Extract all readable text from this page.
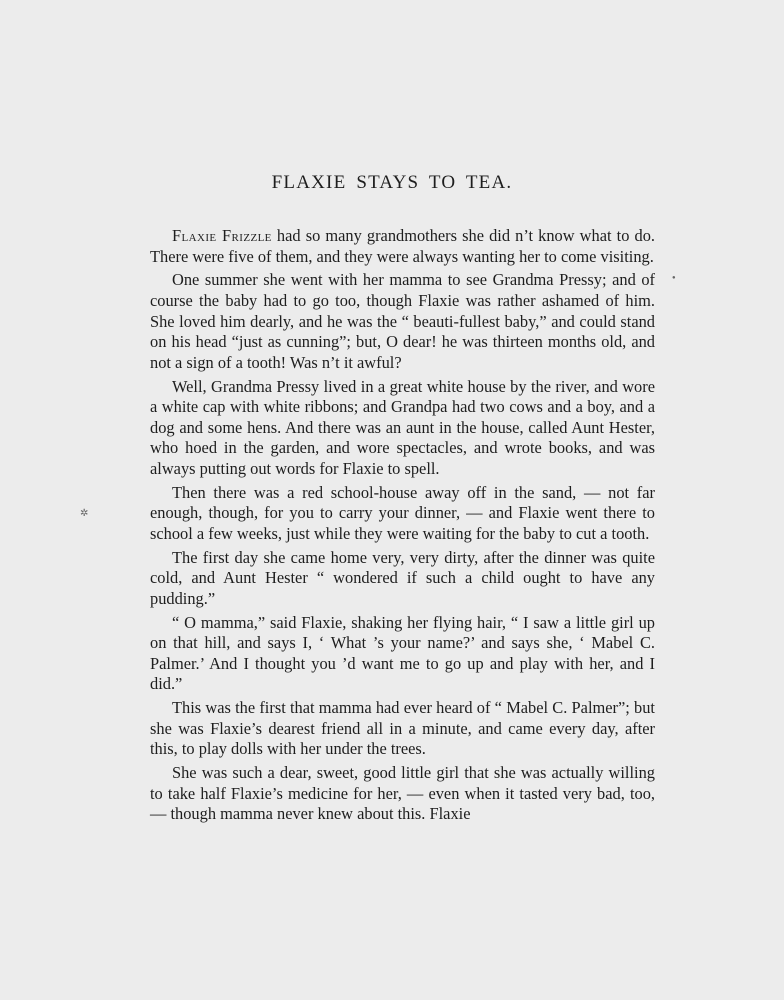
●
✲
FLAXIE STAYS TO TEA.

Flaxie Frizzle had so many grandmothers she did n’t know what to do. There were five of them, and they were always wanting her to come visiting.

One summer she went with her mamma to see Grandma Pressy; and of course the baby had to go too, though Flaxie was rather ashamed of him. She loved him dearly, and he was the “ beauti-fullest baby,” and could stand on his head “just as cunning”; but, O dear! he was thirteen months old, and not a sign of a tooth! Was n’t it awful?

Well, Grandma Pressy lived in a great white house by the river, and wore a white cap with white ribbons; and Grandpa had two cows and a boy, and a dog and some hens. And there was an aunt in the house, called Aunt Hester, who hoed in the garden, and wore spectacles, and wrote books, and was always putting out words for Flaxie to spell.

Then there was a red school-house away off in the sand, — not far enough, though, for you to carry your dinner, — and Flaxie went there to school a few weeks, just while they were waiting for the baby to cut a tooth.

The first day she came home very, very dirty, after the dinner was quite cold, and Aunt Hester “ wondered if such a child ought to have any pudding.”

“ O mamma,” said Flaxie, shaking her flying hair, “ I saw a little girl up on that hill, and says I, ‘ What ’s your name?’ and says she, ‘ Mabel C. Palmer.’ And I thought you ’d want me to go up and play with her, and I did.”

This was the first that mamma had ever heard of “ Mabel C. Palmer”; but she was Flaxie’s dearest friend all in a minute, and came every day, after this, to play dolls with her under the trees.

She was such a dear, sweet, good little girl that she was actually willing to take half Flaxie’s medicine for her, — even when it tasted very bad, too, — though mamma never knew about this. Flaxie
